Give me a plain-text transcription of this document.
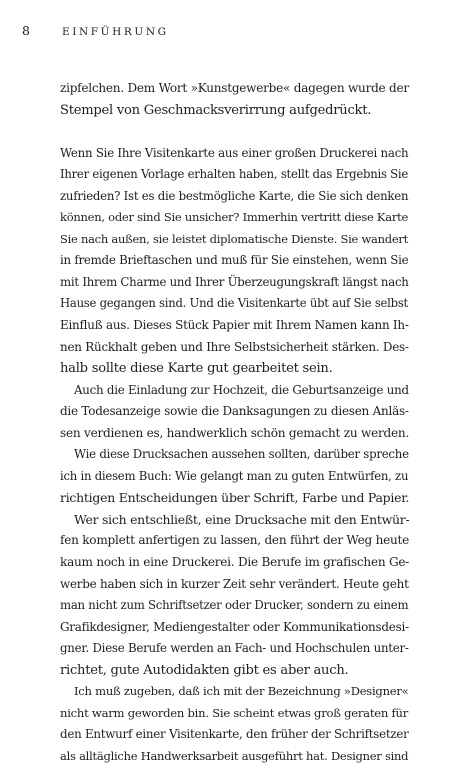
8	EINFÜHRUNG
zipfelchen. Dem Wort »Kunstgewerbe« dagegen wurde der
Stempel von Geschmacksverirrung aufgedrückt.
Wenn Sie Ihre Visitenkarte aus einer großen Druckerei nach
Ihrer eigenen Vorlage erhalten haben, stellt das Ergebnis Sie
zufrieden? Ist es die bestmögliche Karte, die Sie sich denken
können, oder sind Sie unsicher? Immerhin vertritt diese Karte
Sie nach außen, sie leistet diplomatische Dienste. Sie wandert
in fremde Brieftaschen und muß für Sie einstehen, wenn Sie
mit Ihrem Charme und Ihrer Überzeugungskraft längst nach
Hause gegangen sind. Und die Visitenkarte übt auf Sie selbst
Einfluß aus. Dieses Stück Papier mit Ihrem Namen kann Ih-
nen Rückhalt geben und Ihre Selbstsicherheit stärken. Des-
halb sollte diese Karte gut gearbeitet sein.
Auch die Einladung zur Hochzeit, die Geburtsanzeige und
die Todesanzeige sowie die Danksagungen zu diesen Anläs-
sen verdienen es, handwerklich schön gemacht zu werden.
Wie diese Drucksachen aussehen sollten, darüber spreche
ich in diesem Buch: Wie gelangt man zu guten Entwürfen, zu
richtigen Entscheidungen über Schrift, Farbe und Papier.
Wer sich entschließt, eine Drucksache mit den Entwür-
fen komplett anfertigen zu lassen, den führt der Weg heute
kaum noch in eine Druckerei. Die Berufe im grafischen Ge-
werbe haben sich in kurzer Zeit sehr verändert. Heute geht
man nicht zum Schriftsetzer oder Drucker, sondern zu einem
Grafikdesigner, Mediengestalter oder Kommunikationsdesi-
gner. Diese Berufe werden an Fach- und Hochschulen unter-
richtet, gute Autodidakten gibt es aber auch.
Ich muß zugeben, daß ich mit der Bezeichnung »Designer«
nicht warm geworden bin. Sie scheint etwas groß geraten für
den Entwurf einer Visitenkarte, den früher der Schriftsetzer
als alltägliche Handwerksarbeit ausgeführt hat. Designer sind
